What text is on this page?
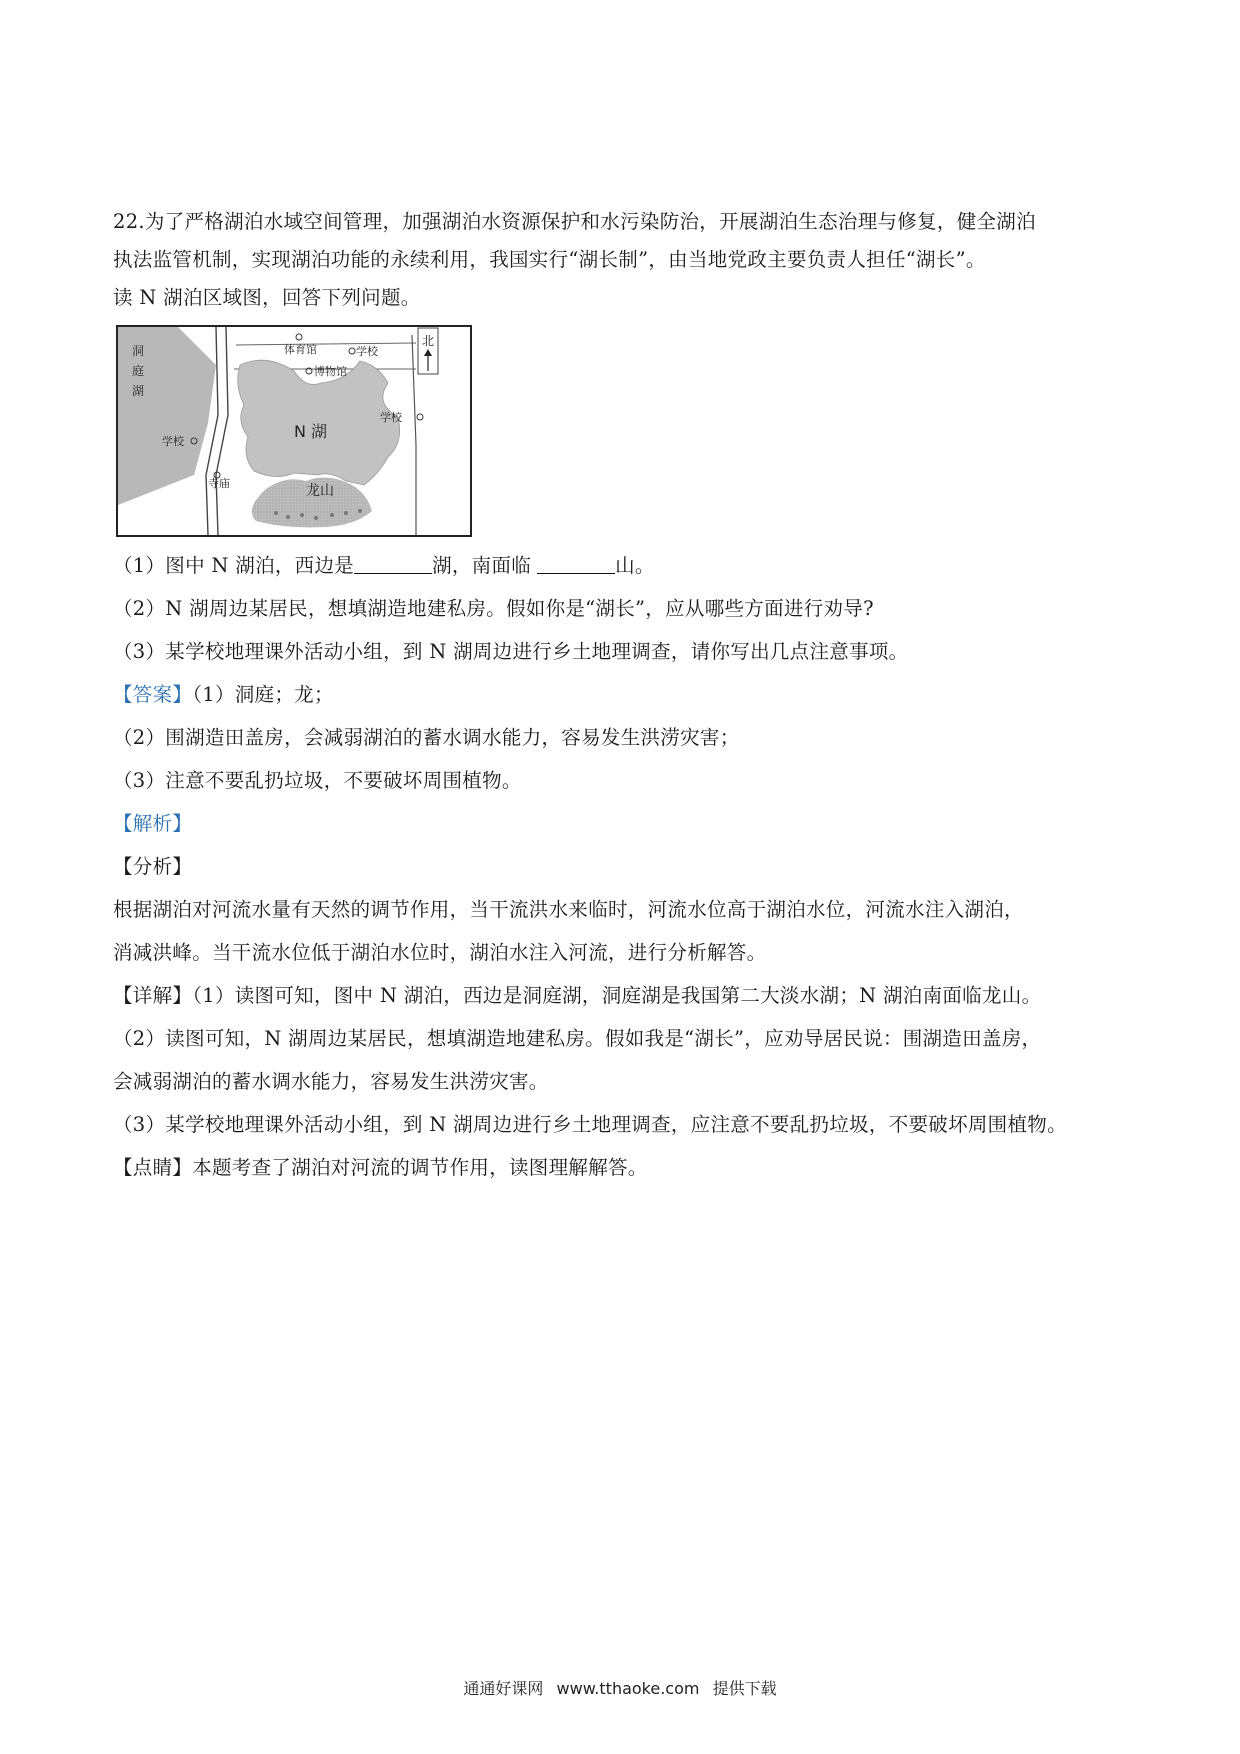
22.为了严格湖泊水域空间管理，加强湖泊水资源保护和水污染防治，开展湖泊生态治理与修复，健全湖泊

执法监管机制，实现湖泊功能的永续利用，我国实行“湖长制”，由当地党政主要负责人担任“湖长”。

读 N 湖泊区域图，回答下列问题。

北
洞
庭
湖
体育馆	学校
博物馆
学校
学校
寺庙
N 湖
龙山

（1）图中 N 湖泊，西边是	湖，南面临	山。

（2）N 湖周边某居民，想填湖造地建私房。假如你是“湖长”，应从哪些方面进行劝导?

（3）某学校地理课外活动小组，到 N 湖周边进行乡土地理调查，请你写出几点注意事项。

【答案】（1）洞庭；龙；

（2）围湖造田盖房，会减弱湖泊的蓄水调水能力，容易发生洪涝灾害；

（3）注意不要乱扔垃圾，不要破坏周围植物。

【解析】

【分析】

根据湖泊对河流水量有天然的调节作用，当干流洪水来临时，河流水位高于湖泊水位，河流水注入湖泊，

消减洪峰。当干流水位低于湖泊水位时，湖泊水注入河流，进行分析解答。

【详解】（1）读图可知，图中 N 湖泊，西边是洞庭湖，洞庭湖是我国第二大淡水湖；N 湖泊南面临龙山。

（2）读图可知，N 湖周边某居民，想填湖造地建私房。假如我是“湖长”，应劝导居民说：围湖造田盖房，

会减弱湖泊的蓄水调水能力，容易发生洪涝灾害。

（3）某学校地理课外活动小组，到 N 湖周边进行乡土地理调查，应注意不要乱扔垃圾，不要破坏周围植物。

【点睛】本题考查了湖泊对河流的调节作用，读图理解解答。

通通好课网 www.tthaoke.com 提供下载
